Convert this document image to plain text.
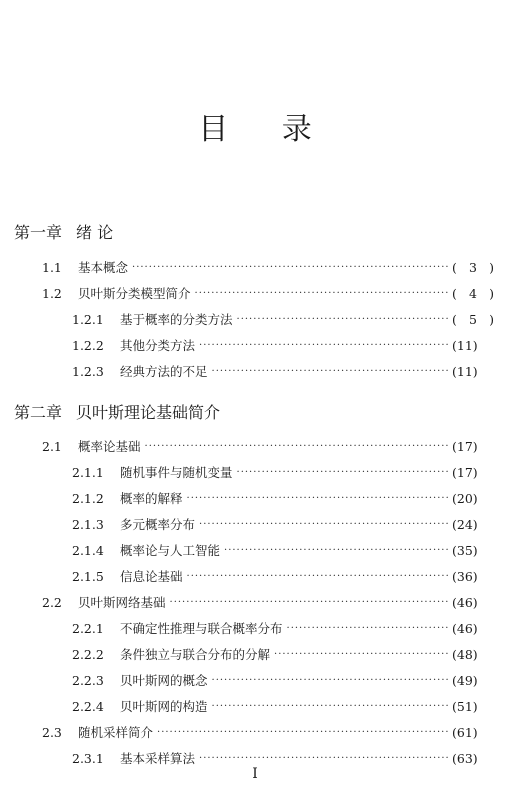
目 录
第一章 绪 论
1.1	基本概念 ·····	( 3 )
1.2	贝叶斯分类模型简介 ·····	( 4 )
1.2.1	基于概率的分类方法 ·····	( 5 )
1.2.2	其他分类方法 ·····	(11)
1.2.3	经典方法的不足 ·····	(11)
第二章 贝叶斯理论基础简介
2.1	概率论基础 ·····	(17)
2.1.1	随机事件与随机变量 ·····	(17)
2.1.2	概率的解释 ·····	(20)
2.1.3	多元概率分布 ·····	(24)
2.1.4	概率论与人工智能 ·····	(35)
2.1.5	信息论基础 ·····	(36)
2.2	贝叶斯网络基础 ·····	(46)
2.2.1	不确定性推理与联合概率分布 ·····	(46)
2.2.2	条件独立与联合分布的分解 ·····	(48)
2.2.3	贝叶斯网的概念 ·····	(49)
2.2.4	贝叶斯网的构造 ·····	(51)
2.3	随机采样简介 ·····	(61)
2.3.1	基本采样算法 ·····	(63)
I
